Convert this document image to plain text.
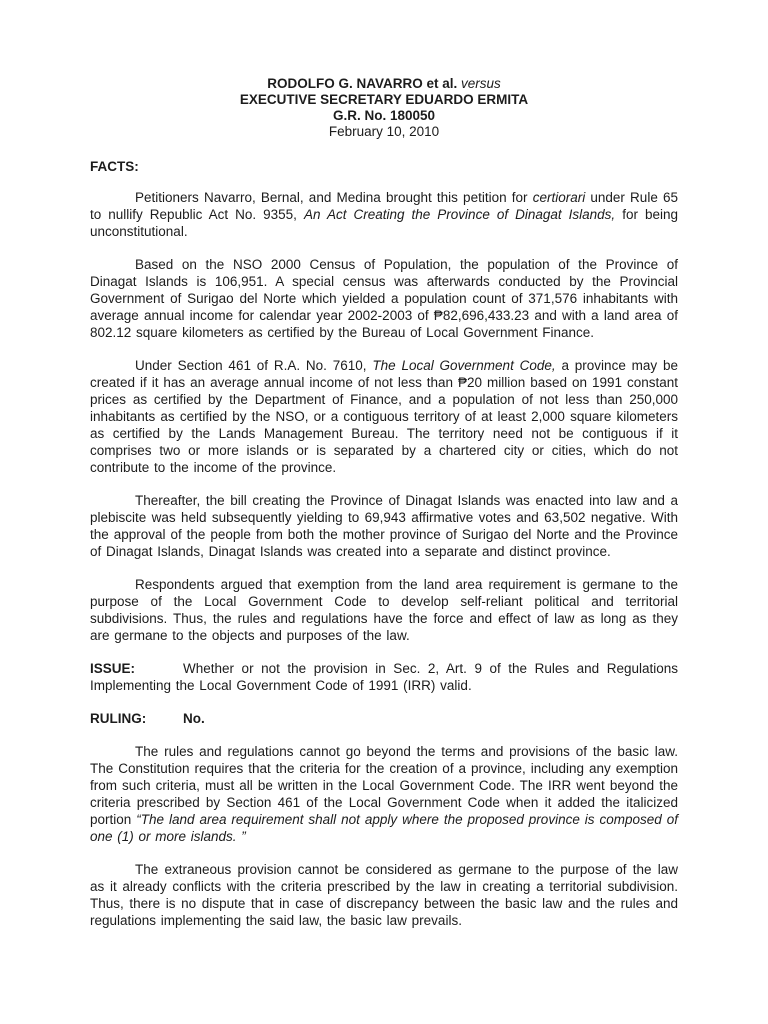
RODOLFO G. NAVARRO et al. versus
EXECUTIVE SECRETARY EDUARDO ERMITA
G.R. No. 180050
February 10, 2010

FACTS:

Petitioners Navarro, Bernal, and Medina brought this petition for certiorari under Rule 65 to nullify Republic Act No. 9355, An Act Creating the Province of Dinagat Islands, for being unconstitutional.

Based on the NSO 2000 Census of Population, the population of the Province of Dinagat Islands is 106,951. A special census was afterwards conducted by the Provincial Government of Surigao del Norte which yielded a population count of 371,576 inhabitants with average annual income for calendar year 2002-2003 of ₱82,696,433.23 and with a land area of 802.12 square kilometers as certified by the Bureau of Local Government Finance.

Under Section 461 of R.A. No. 7610, The Local Government Code, a province may be created if it has an average annual income of not less than ₱20 million based on 1991 constant prices as certified by the Department of Finance, and a population of not less than 250,000 inhabitants as certified by the NSO, or a contiguous territory of at least 2,000 square kilometers as certified by the Lands Management Bureau. The territory need not be contiguous if it comprises two or more islands or is separated by a chartered city or cities, which do not contribute to the income of the province.

Thereafter, the bill creating the Province of Dinagat Islands was enacted into law and a plebiscite was held subsequently yielding to 69,943 affirmative votes and 63,502 negative. With the approval of the people from both the mother province of Surigao del Norte and the Province of Dinagat Islands, Dinagat Islands was created into a separate and distinct province.

Respondents argued that exemption from the land area requirement is germane to the purpose of the Local Government Code to develop self-reliant political and territorial subdivisions. Thus, the rules and regulations have the force and effect of law as long as they are germane to the objects and purposes of the law.

ISSUE:	Whether or not the provision in Sec. 2, Art. 9 of the Rules and Regulations Implementing the Local Government Code of 1991 (IRR) valid.

RULING:	No.

The rules and regulations cannot go beyond the terms and provisions of the basic law. The Constitution requires that the criteria for the creation of a province, including any exemption from such criteria, must all be written in the Local Government Code. The IRR went beyond the criteria prescribed by Section 461 of the Local Government Code when it added the italicized portion “The land area requirement shall not apply where the proposed province is composed of one (1) or more islands. ”

The extraneous provision cannot be considered as germane to the purpose of the law as it already conflicts with the criteria prescribed by the law in creating a territorial subdivision. Thus, there is no dispute that in case of discrepancy between the basic law and the rules and regulations implementing the said law, the basic law prevails.
